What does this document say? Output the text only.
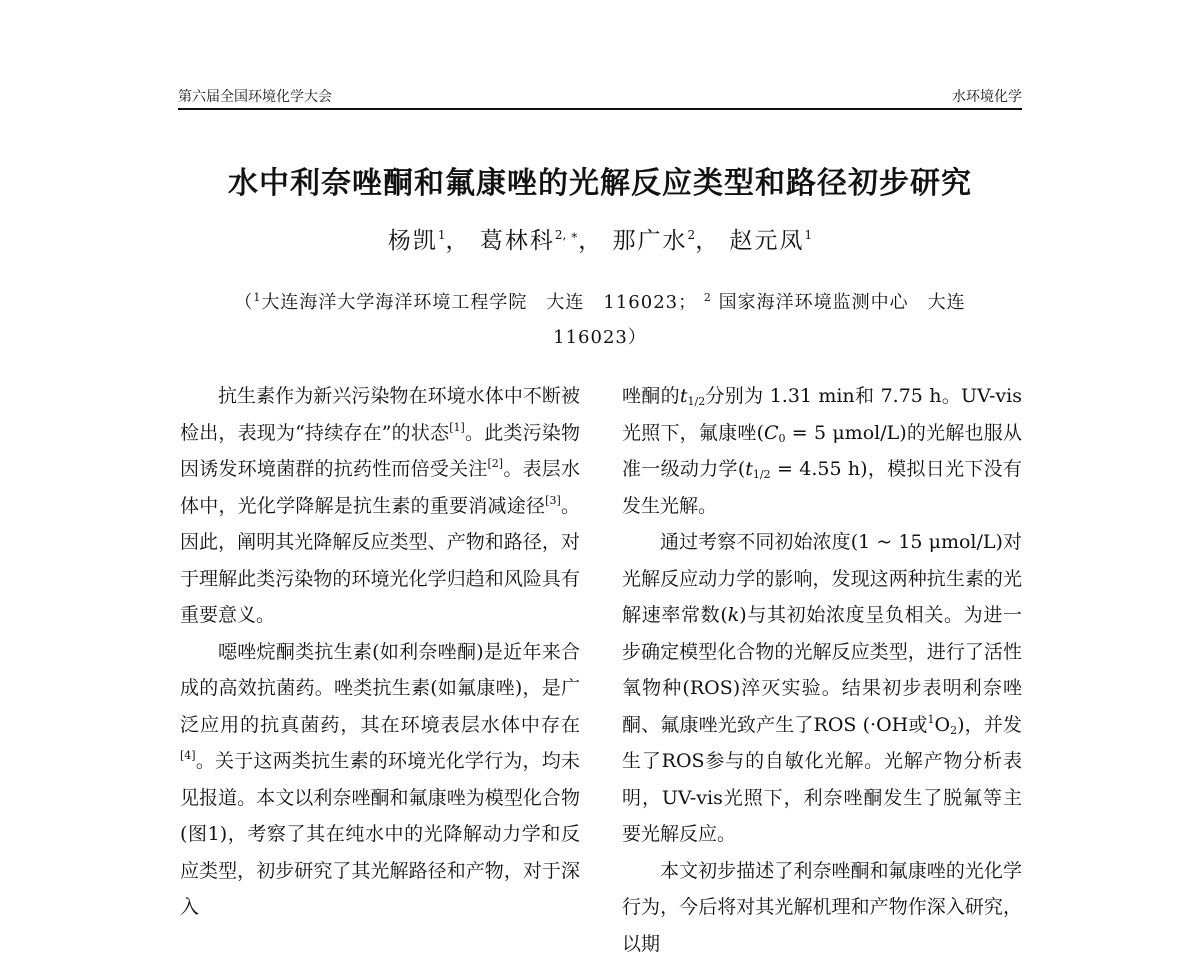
第六届全国环境化学大会	水环境化学
水中利奈唑酮和氟康唑的光解反应类型和路径初步研究
杨凯$^1$， 葛林科$^{2, ∗}$， 那广水$^2$， 赵元凤$^1$
（$^1$大连海洋大学海洋环境工程学院　大连　116023； $^2$ 国家海洋环境监测中心　大连 116023）

抗生素作为新兴污染物在环境水体中不断被检出，表现为“持续存在”的状态[1]。此类污染物因诱发环境菌群的抗药性而倍受关注[2]。表层水体中，光化学降解是抗生素的重要消减途径[3]。因此，阐明其光降解反应类型、产物和路径，对于理解此类污染物的环境光化学归趋和风险具有重要意义。

噁唑烷酮类抗生素(如利奈唑酮)是近年来合成的高效抗菌药。唑类抗生素(如氟康唑)，是广泛应用的抗真菌药，其在环境表层水体中存在[4]。关于这两类抗生素的环境光化学行为，均未见报道。本文以利奈唑酮和氟康唑为模型化合物(图1)，考察了其在纯水中的光降解动力学和反应类型，初步研究了其光解路径和产物，对于深入

唑酮的$t_{1/2}$分别为 1.31 min和 7.75 h。UV-vis光照下，氟康唑($C_0 = 5$ μmol/L)的光解也服从准一级动力学($t_{1/2} = 4.55$ h)，模拟日光下没有发生光解。

通过考察不同初始浓度(1 ~ 15 μmol/L)对光解反应动力学的影响，发现这两种抗生素的光解速率常数(k)与其初始浓度呈负相关。为进一步确定模型化合物的光解反应类型，进行了活性氧物种(ROS)淬灭实验。结果初步表明利奈唑酮、氟康唑光致产生了ROS (·OH或$^1O_2$)，并发生了ROS参与的自敏化光解。光解产物分析表明，UV-vis光照下，利奈唑酮发生了脱氟等主要光解反应。

本文初步描述了利奈唑酮和氟康唑的光化学行为，今后将对其光解机理和产物作深入研究，以期
